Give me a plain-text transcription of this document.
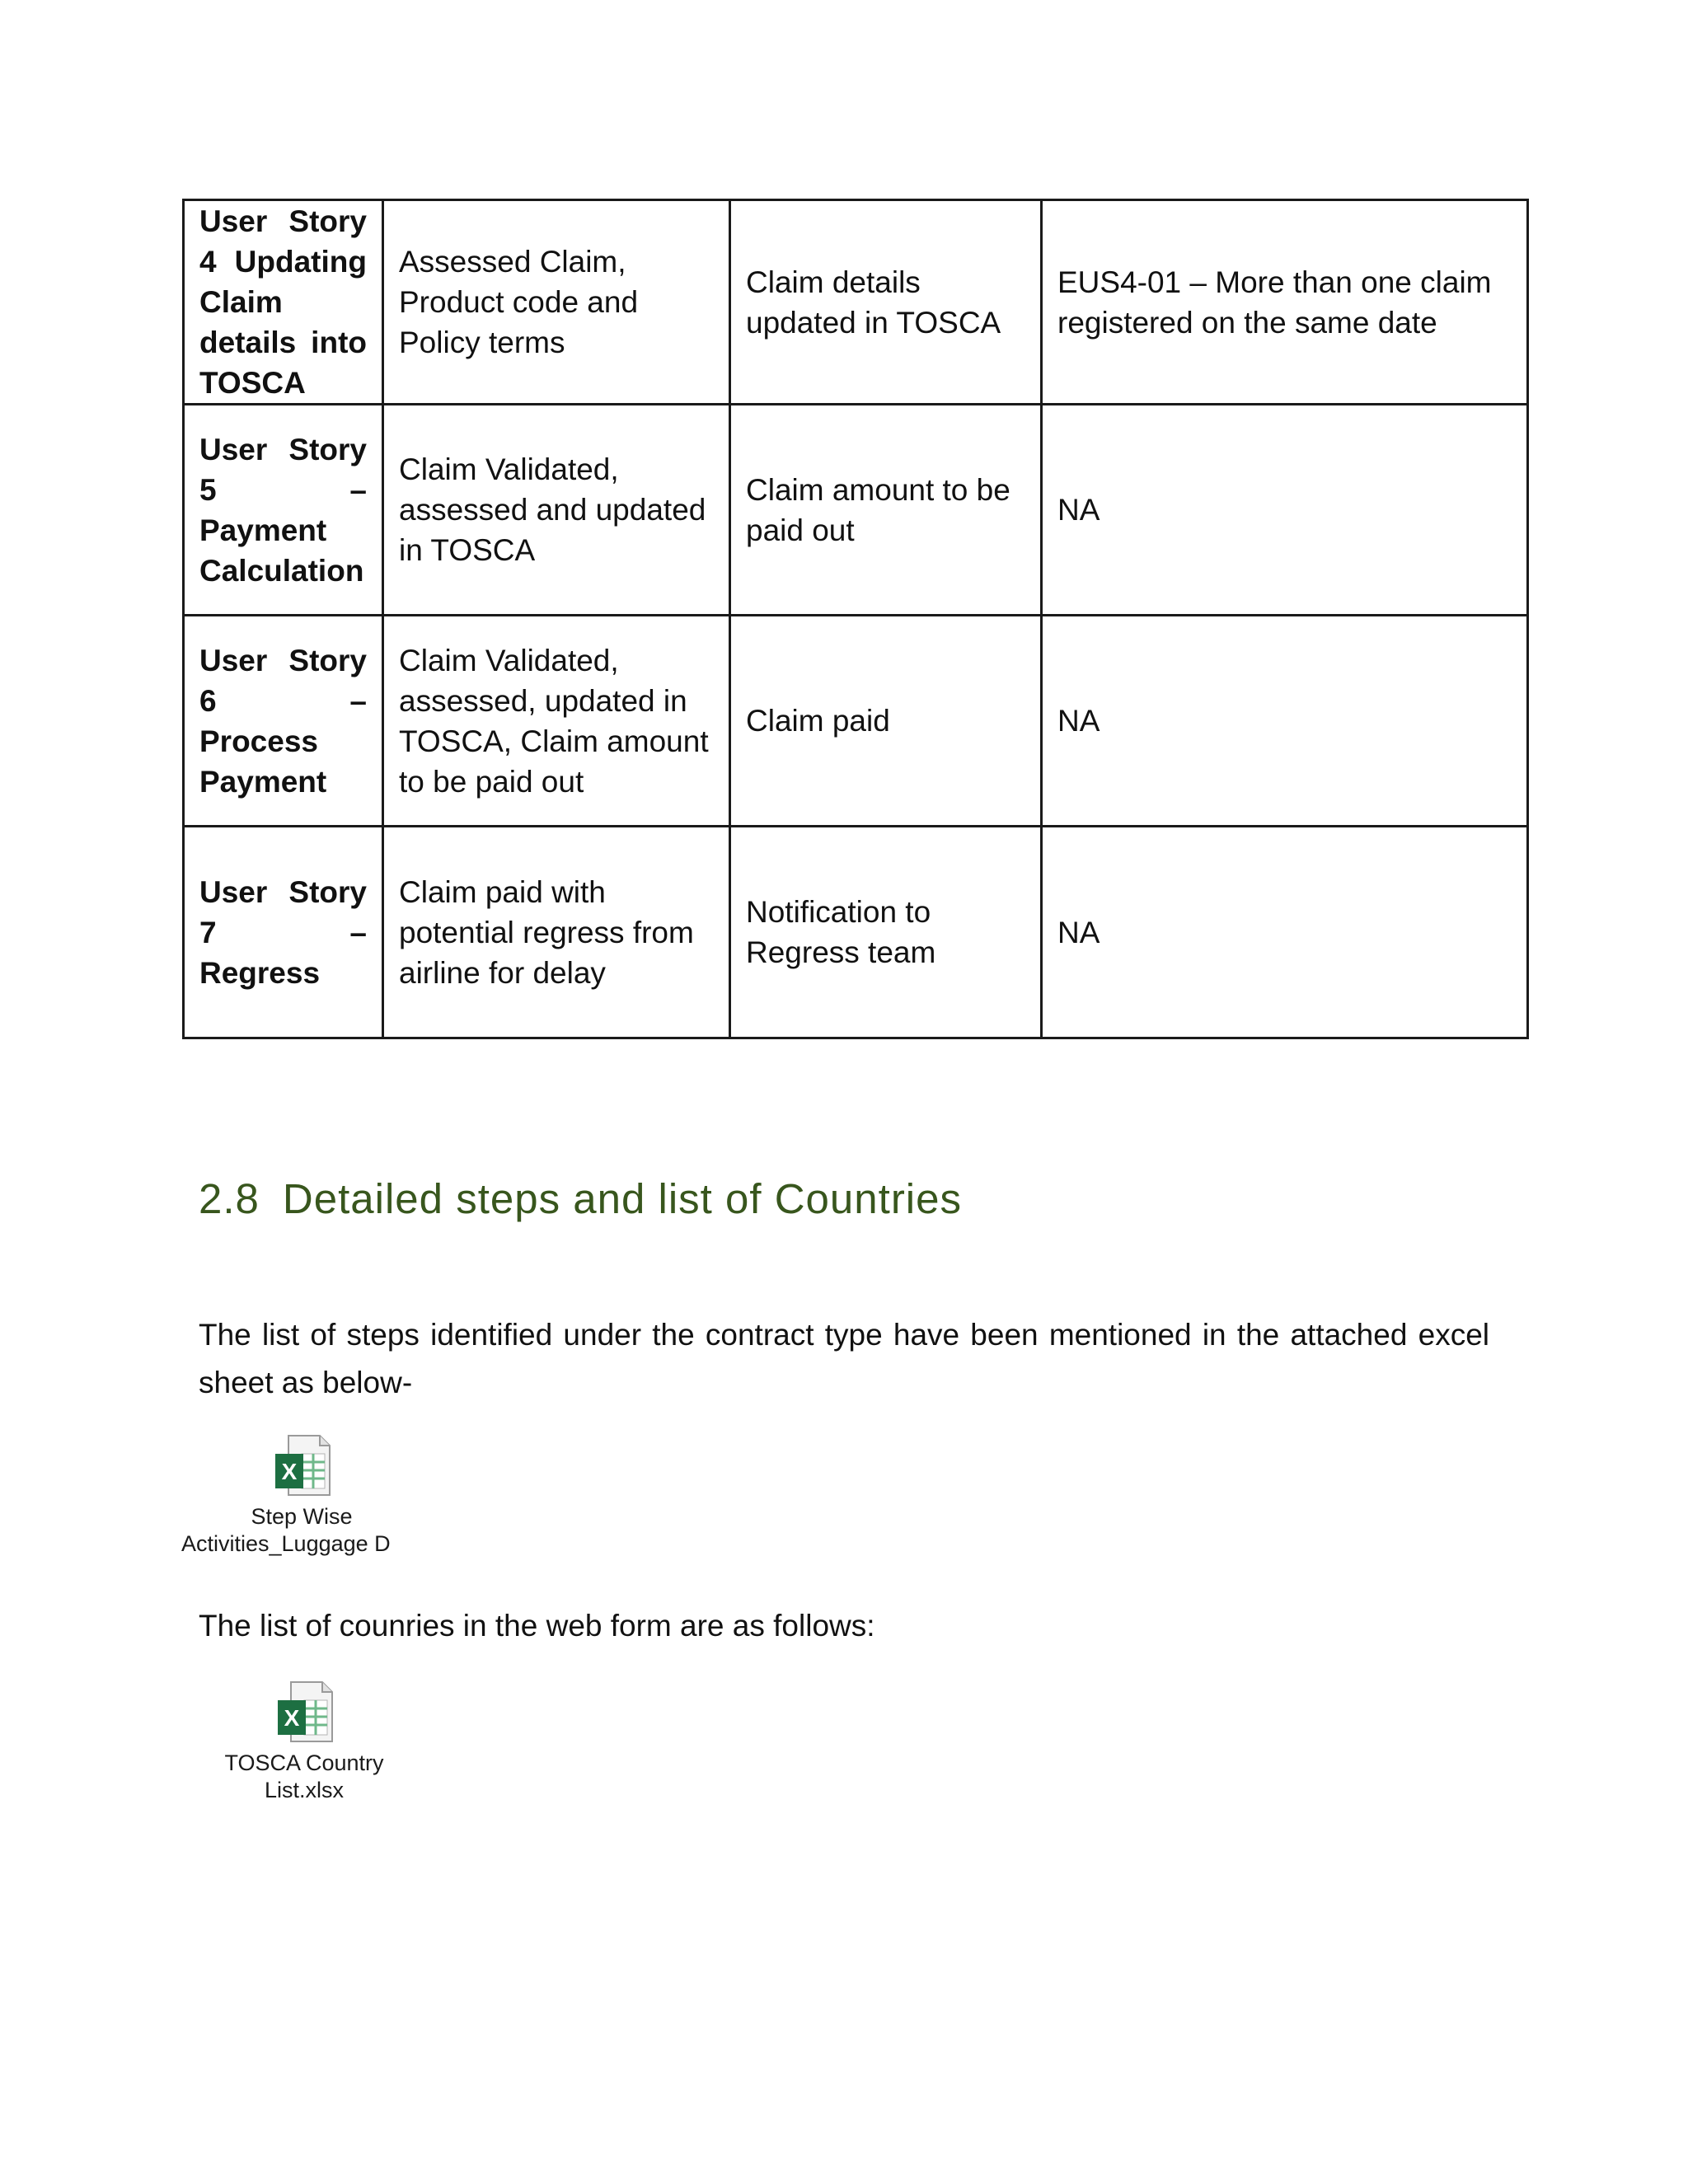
User Story 4 Updating Claim details into TOSCA	Assessed Claim, Product code and Policy terms	Claim details updated in TOSCA	EUS4-01 – More than one claim registered on the same date
User Story 5 – Payment Calculation	Claim Validated, assessed and updated in TOSCA	Claim amount to be paid out	NA
User Story 6 – Process Payment	Claim Validated, assessed, updated in TOSCA, Claim amount to be paid out	Claim paid	NA
User Story 7 – Regress	Claim paid with potential regress from airline for delay	Notification to Regress team	NA
2.8 Detailed steps and list of Countries
The list of steps identified under the contract type have been mentioned in the attached excel sheet as below-
X
Step Wise
Activities_Luggage D
The list of counries in the web form are as follows:
X
TOSCA Country
List.xlsx
